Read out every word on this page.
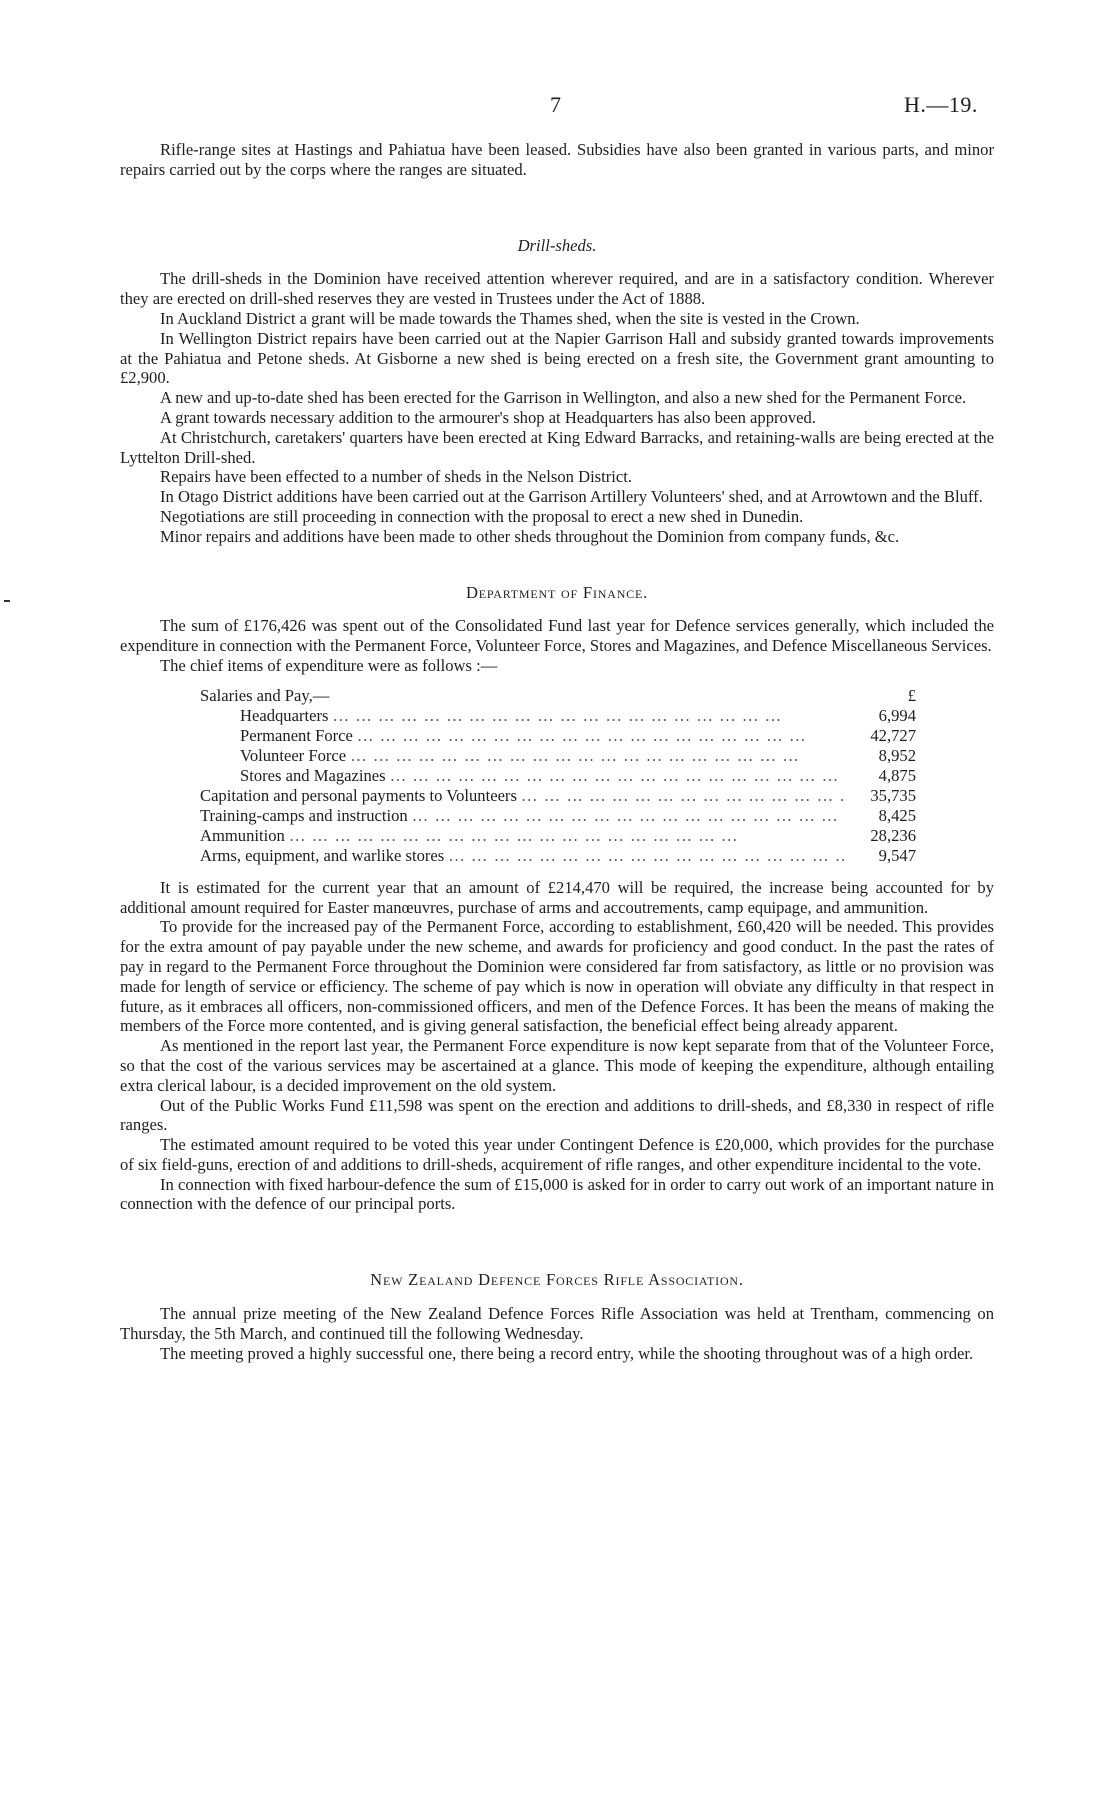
7	H.—19.

Rifle-range sites at Hastings and Pahiatua have been leased. Subsidies have also been granted in various parts, and minor repairs carried out by the corps where the ranges are situated.

Drill-sheds.

The drill-sheds in the Dominion have received attention wherever required, and are in a satisfactory condition. Wherever they are erected on drill-shed reserves they are vested in Trustees under the Act of 1888.

In Auckland District a grant will be made towards the Thames shed, when the site is vested in the Crown.

In Wellington District repairs have been carried out at the Napier Garrison Hall and subsidy granted towards improvements at the Pahiatua and Petone sheds. At Gisborne a new shed is being erected on a fresh site, the Government grant amounting to £2,900.

A new and up-to-date shed has been erected for the Garrison in Wellington, and also a new shed for the Permanent Force.

A grant towards necessary addition to the armourer's shop at Headquarters has also been approved.

At Christchurch, caretakers' quarters have been erected at King Edward Barracks, and retaining-walls are being erected at the Lyttelton Drill-shed.

Repairs have been effected to a number of sheds in the Nelson District.

In Otago District additions have been carried out at the Garrison Artillery Volunteers' shed, and at Arrowtown and the Bluff.

Negotiations are still proceeding in connection with the proposal to erect a new shed in Dunedin.

Minor repairs and additions have been made to other sheds throughout the Dominion from company funds, &c.

Department of Finance.

The sum of £176,426 was spent out of the Consolidated Fund last year for Defence services generally, which included the expenditure in connection with the Permanent Force, Volunteer Force, Stores and Magazines, and Defence Miscellaneous Services.

The chief items of expenditure were as follows :—

Salaries and Pay,—	£
Headquarters … … … … … … … … … … … … … … … … … … … …	6,994
Permanent Force … … … … … … … … … … … … … … … … … … … …	42,727
Volunteer Force … … … … … … … … … … … … … … … … … … … …	8,952
Stores and Magazines … … … … … … … … … … … … … … … … … … … …	4,875
Capitation and personal payments to Volunteers … … … … … … … … … … … … … … … … … … … …	35,735
Training-camps and instruction … … … … … … … … … … … … … … … … … … … …	8,425
Ammunition … … … … … … … … … … … … … … … … … … … …	28,236
Arms, equipment, and warlike stores … … … … … … … … … … … … … … … … … … … …	9,547

It is estimated for the current year that an amount of £214,470 will be required, the increase being accounted for by additional amount required for Easter manœuvres, purchase of arms and accoutrements, camp equipage, and ammunition.

To provide for the increased pay of the Permanent Force, according to establishment, £60,420 will be needed. This provides for the extra amount of pay payable under the new scheme, and awards for proficiency and good conduct. In the past the rates of pay in regard to the Permanent Force throughout the Dominion were considered far from satisfactory, as little or no provision was made for length of service or efficiency. The scheme of pay which is now in operation will obviate any difficulty in that respect in future, as it embraces all officers, non-commissioned officers, and men of the Defence Forces. It has been the means of making the members of the Force more contented, and is giving general satisfaction, the beneficial effect being already apparent.

As mentioned in the report last year, the Permanent Force expenditure is now kept separate from that of the Volunteer Force, so that the cost of the various services may be ascertained at a glance. This mode of keeping the expenditure, although entailing extra clerical labour, is a decided improvement on the old system.

Out of the Public Works Fund £11,598 was spent on the erection and additions to drill-sheds, and £8,330 in respect of rifle ranges.

The estimated amount required to be voted this year under Contingent Defence is £20,000, which provides for the purchase of six field-guns, erection of and additions to drill-sheds, acquirement of rifle ranges, and other expenditure incidental to the vote.

In connection with fixed harbour-defence the sum of £15,000 is asked for in order to carry out work of an important nature in connection with the defence of our principal ports.

New Zealand Defence Forces Rifle Association.

The annual prize meeting of the New Zealand Defence Forces Rifle Association was held at Trentham, commencing on Thursday, the 5th March, and continued till the following Wednesday.

The meeting proved a highly successful one, there being a record entry, while the shooting throughout was of a high order.
